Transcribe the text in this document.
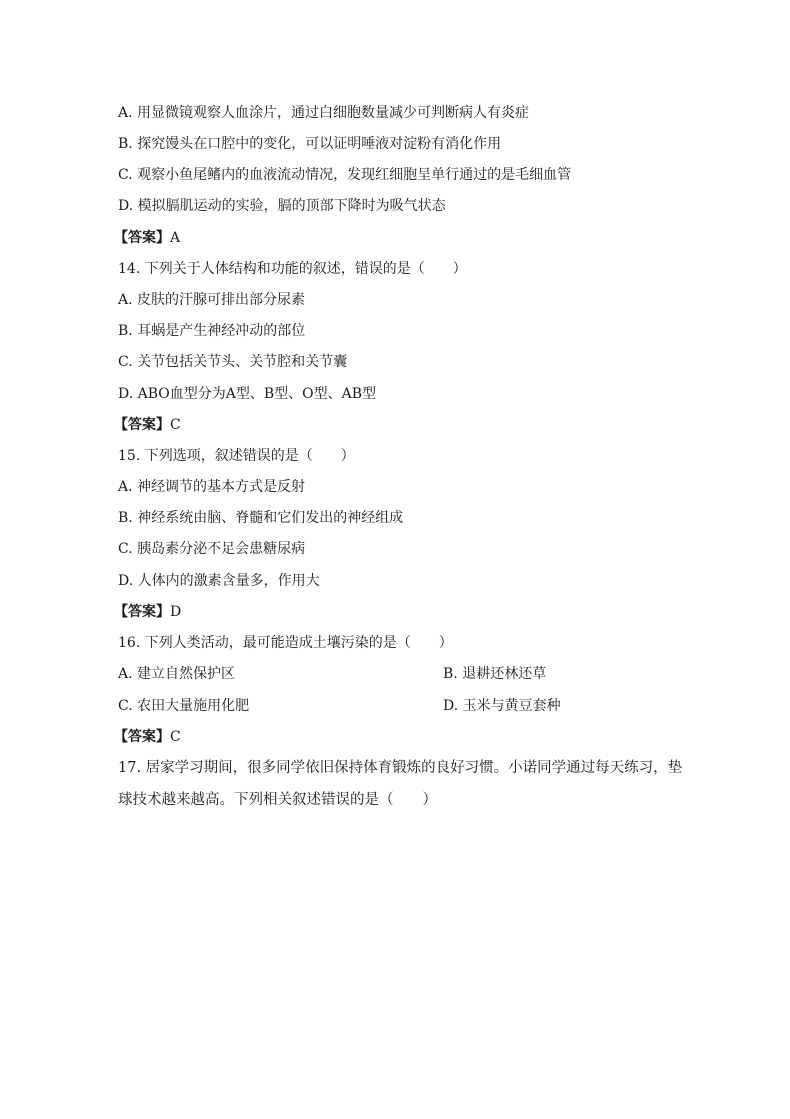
A. 用显微镜观察人血涂片，通过白细胞数量减少可判断病人有炎症
B. 探究馒头在口腔中的变化，可以证明唾液对淀粉有消化作用
C. 观察小鱼尾鳍内的血液流动情况，发现红细胞呈单行通过的是毛细血管
D. 模拟膈肌运动的实验，膈的顶部下降时为吸气状态
【答案】A
14. 下列关于人体结构和功能的叙述，错误的是（　　）
A. 皮肤的汗腺可排出部分尿素
B. 耳蜗是产生神经冲动的部位
C. 关节包括关节头、关节腔和关节囊
D. ABO血型分为A型、B型、O型、AB型
【答案】C
15. 下列选项，叙述错误的是（　　）
A. 神经调节的基本方式是反射
B. 神经系统由脑、脊髓和它们发出的神经组成
C. 胰岛素分泌不足会患糖尿病
D. 人体内的激素含量多，作用大
【答案】D
16. 下列人类活动，最可能造成土壤污染的是（　　）
A. 建立自然保护区	B. 退耕还林还草
C. 农田大量施用化肥	D. 玉米与黄豆套种
【答案】C
17. 居家学习期间，很多同学依旧保持体育锻炼的良好习惯。小诺同学通过每天练习，垫
球技术越来越高。下列相关叙述错误的是（　　）
